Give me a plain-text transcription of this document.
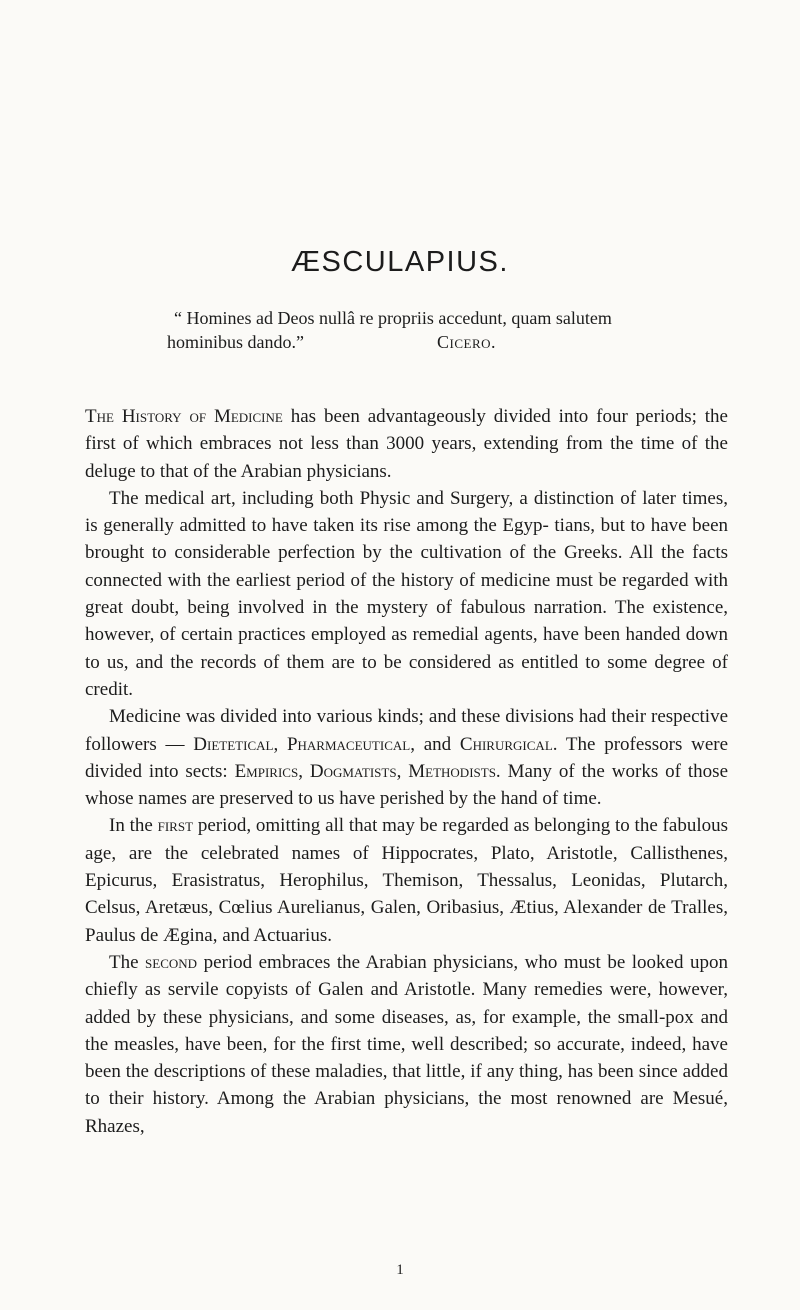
ÆSCULAPIUS.
“ Homines ad Deos nullâ re propriis accedunt, quam salutem
hominibus dando.”	Cicero.

The History of Medicine has been advantageously divided into four periods; the first of which embraces not less than 3000 years, extending from the time of the deluge to that of the Arabian physicians.

The medical art, including both Physic and Surgery, a distinction of later times, is generally admitted to have taken its rise among the Egyp- tians, but to have been brought to considerable perfection by the cultivation of the Greeks. All the facts connected with the earliest period of the history of medicine must be regarded with great doubt, being involved in the mystery of fabulous narration. The existence, however, of certain practices employed as remedial agents, have been handed down to us, and the records of them are to be considered as entitled to some degree of credit.

Medicine was divided into various kinds; and these divisions had their respective followers — Dietetical, Pharmaceutical, and Chirurgical. The professors were divided into sects: Empirics, Dogmatists, Methodists. Many of the works of those whose names are preserved to us have perished by the hand of time.

In the first period, omitting all that may be regarded as belonging to the fabulous age, are the celebrated names of Hippocrates, Plato, Aristotle, Callisthenes, Epicurus, Erasistratus, Herophilus, Themison, Thessalus, Leonidas, Plutarch, Celsus, Aretæus, Cœlius Aurelianus, Galen, Oribasius, Ætius, Alexander de Tralles, Paulus de Ægina, and Actuarius.

The second period embraces the Arabian physicians, who must be looked upon chiefly as servile copyists of Galen and Aristotle. Many remedies were, however, added by these physicians, and some diseases, as, for example, the small-pox and the measles, have been, for the first time, well described; so accurate, indeed, have been the descriptions of these maladies, that little, if any thing, has been since added to their history. Among the Arabian physicians, the most renowned are Mesué, Rhazes,

1
